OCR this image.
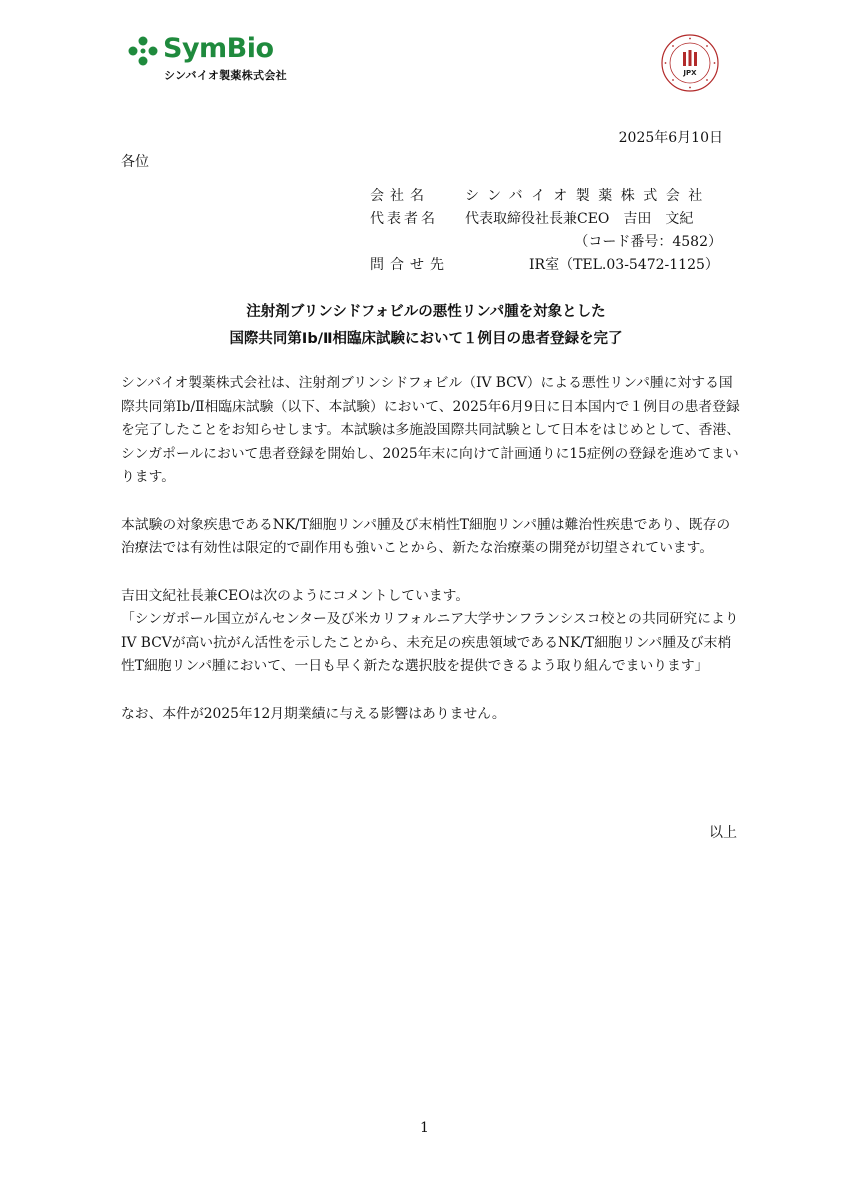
SymBio
シンバイオ製薬株式会社	JPX
2025年6月10日
各位
会社名	シンバイオ製薬株式会社
代表者名	代表取締役社長兼CEO　吉田　文紀
（コード番号：4582）
問合せ先	IR室（TEL.03-5472-1125）
注射剤ブリンシドフォビルの悪性リンパ腫を対象とした
国際共同第Ⅰb/Ⅱ相臨床試験において１例目の患者登録を完了

シンバイオ製薬株式会社は、注射剤ブリンシドフォビル（IV BCV）による悪性リンパ腫に対する国際共同第Ⅰb/Ⅱ相臨床試験（以下、本試験）において、2025年6月9日に日本国内で１例目の患者登録を完了したことをお知らせします。本試験は多施設国際共同試験として日本をはじめとして、香港、シンガポールにおいて患者登録を開始し、2025年末に向けて計画通りに15症例の登録を進めてまいります。

本試験の対象疾患であるNK/T細胞リンパ腫及び末梢性T細胞リンパ腫は難治性疾患であり、既存の治療法では有効性は限定的で副作用も強いことから、新たな治療薬の開発が切望されています。

吉田文紀社長兼CEOは次のようにコメントしています。

「シンガポール国立がんセンター及び米カリフォルニア大学サンフランシスコ校との共同研究によりIV BCVが高い抗がん活性を示したことから、未充足の疾患領域であるNK/T細胞リンパ腫及び末梢性T細胞リンパ腫において、一日も早く新たな選択肢を提供できるよう取り組んでまいります」

なお、本件が2025年12月期業績に与える影響はありません。

以上
1
